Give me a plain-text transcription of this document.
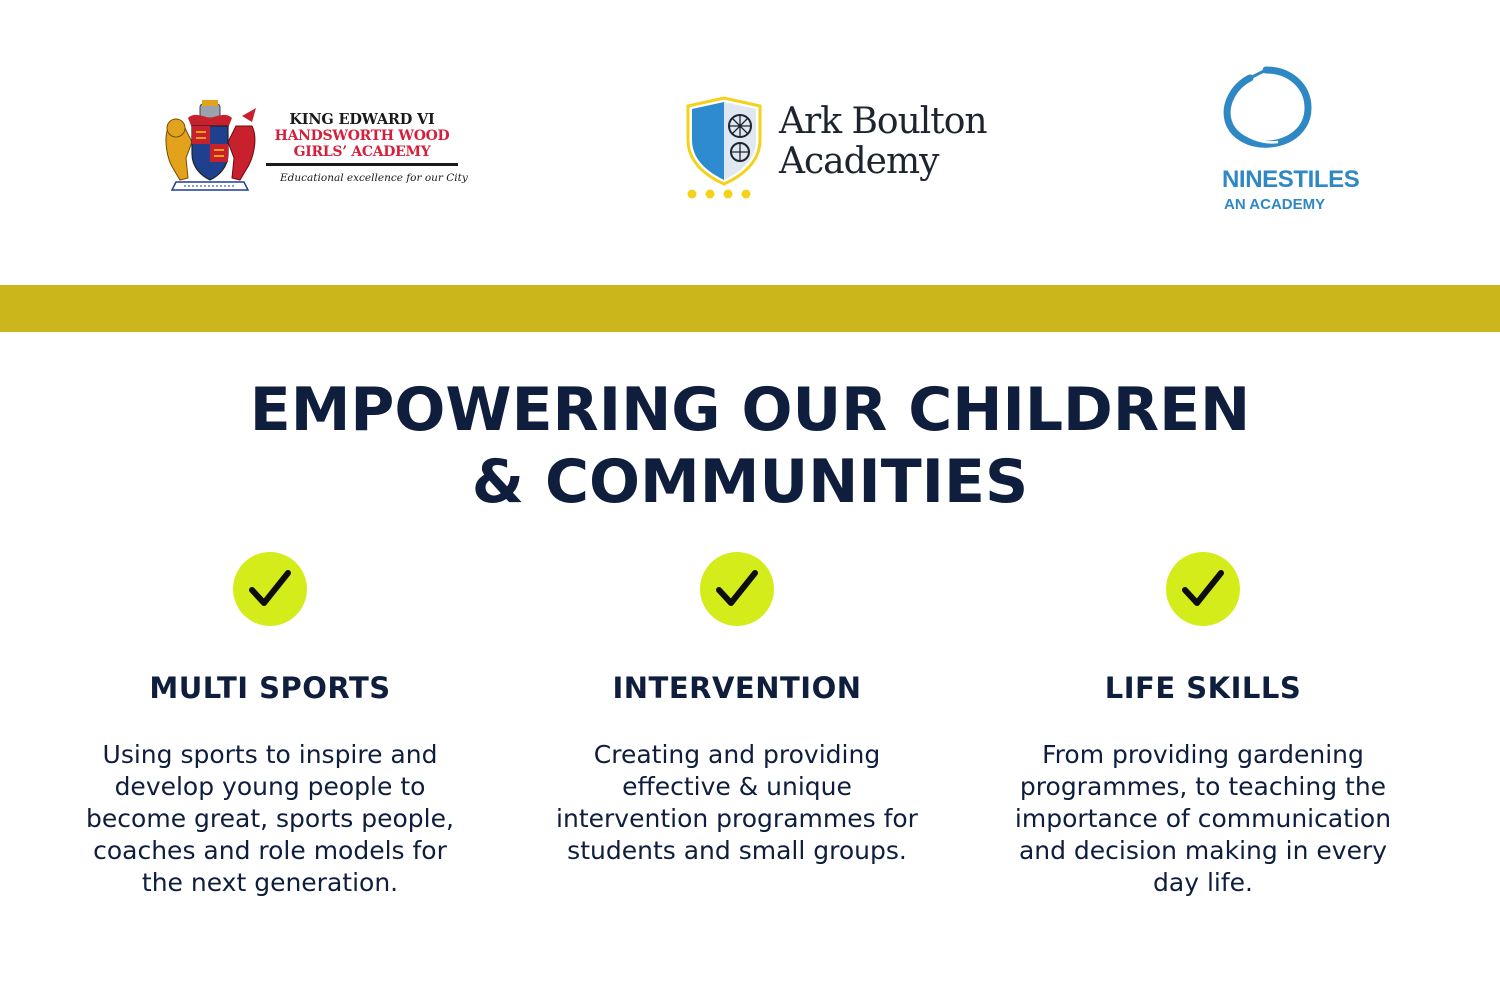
KING EDWARD VI
HANDSWORTH WOOD
GIRLS’ ACADEMY
Educational excellence for our City
Ark Boulton
Academy	NINESTILES
AN ACADEMY
EMPOWERING OUR CHILDREN
& COMMUNITIES
MULTI SPORTS
Using sports to inspire and develop young people to become great, sports people, coaches and role models for the next generation.
INTERVENTION
Creating and providing effective & unique intervention programmes for students and small groups.
LIFE SKILLS
From providing gardening programmes, to teaching the importance of communication and decision making in every day life.
